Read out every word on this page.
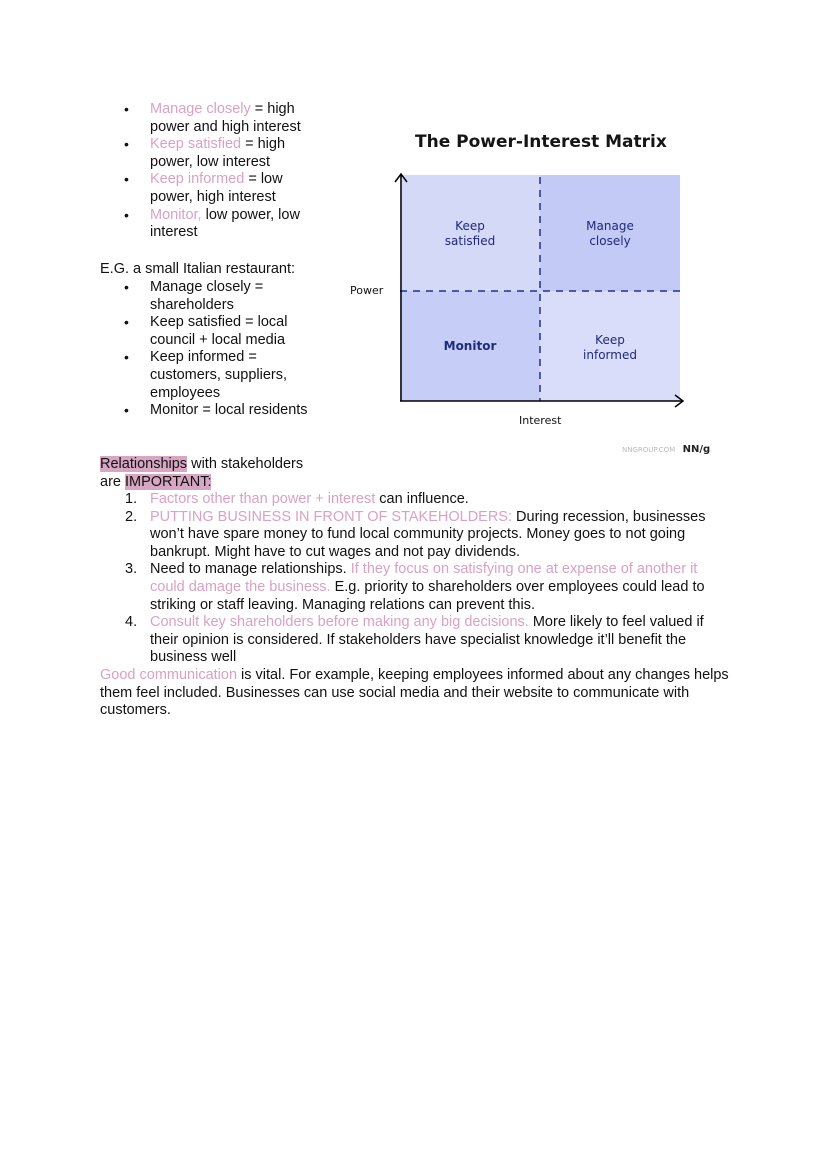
• Manage closely = high power and high interest
• Keep satisfied = high power, low interest
• Keep informed = low power, high interest
• Monitor, low power, low interest
E.G. a small Italian restaurant:
• Manage closely = shareholders
• Keep satisfied = local council + local media
• Keep informed = customers, suppliers, employees
• Monitor = local residents
The Power-Interest Matrix
Power
Interest
Keep
satisfied
Manage
closely
Monitor	Keep
informed
NNGROUP.COM NN/g
Relationships with stakeholders
are IMPORTANT:
1. Factors other than power + interest can influence.
2. PUTTING BUSINESS IN FRONT OF STAKEHOLDERS: During recession, businesses won’t have spare money to fund local community projects. Money goes to not going bankrupt. Might have to cut wages and not pay dividends.
3. Need to manage relationships. If they focus on satisfying one at expense of another it could damage the business. E.g. priority to shareholders over employees could lead to striking or staff leaving. Managing relations can prevent this.
4. Consult key shareholders before making any big decisions. More likely to feel valued if their opinion is considered. If stakeholders have specialist knowledge it’ll benefit the business well
Good communication is vital. For example, keeping employees informed about any changes helps them feel included. Businesses can use social media and their website to communicate with customers.
